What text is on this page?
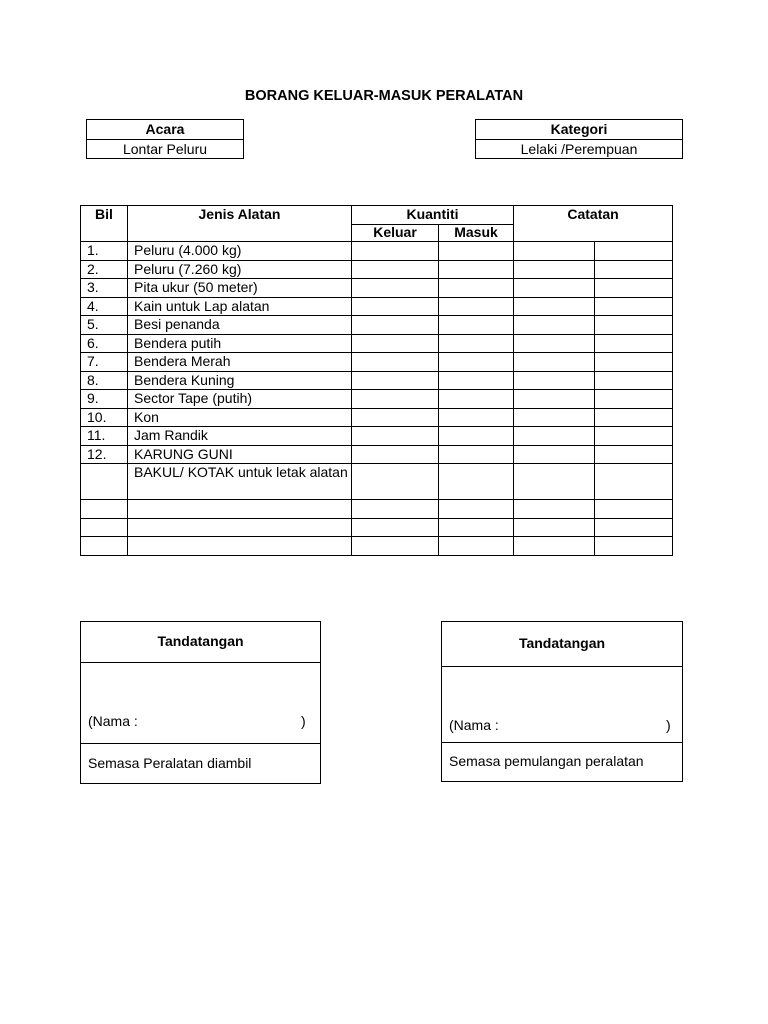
BORANG KELUAR-MASUK PERALATAN
Acara
Lontar Peluru
Kategori
Lelaki /Perempuan
Bil	Jenis Alatan	Kuantiti		Catatan	
		Keluar	Masuk		
1.	Peluru (4.000 kg)				
2.	Peluru (7.260 kg)				
3.	Pita ukur (50 meter)				
4.	Kain untuk Lap alatan				
5.	Besi penanda				
6.	Bendera putih				
7.	Bendera Merah				
8.	Bendera Kuning				
9.	Sector Tape (putih)				
10.	Kon				
11.	Jam Randik				
12.	KARUNG GUNI				
	BAKUL/ KOTAK untuk letak alatan				

Tandatangan
(Nama :	)
Semasa Peralatan diambil
Tandatangan
(Nama :	)
Semasa pemulangan peralatan
